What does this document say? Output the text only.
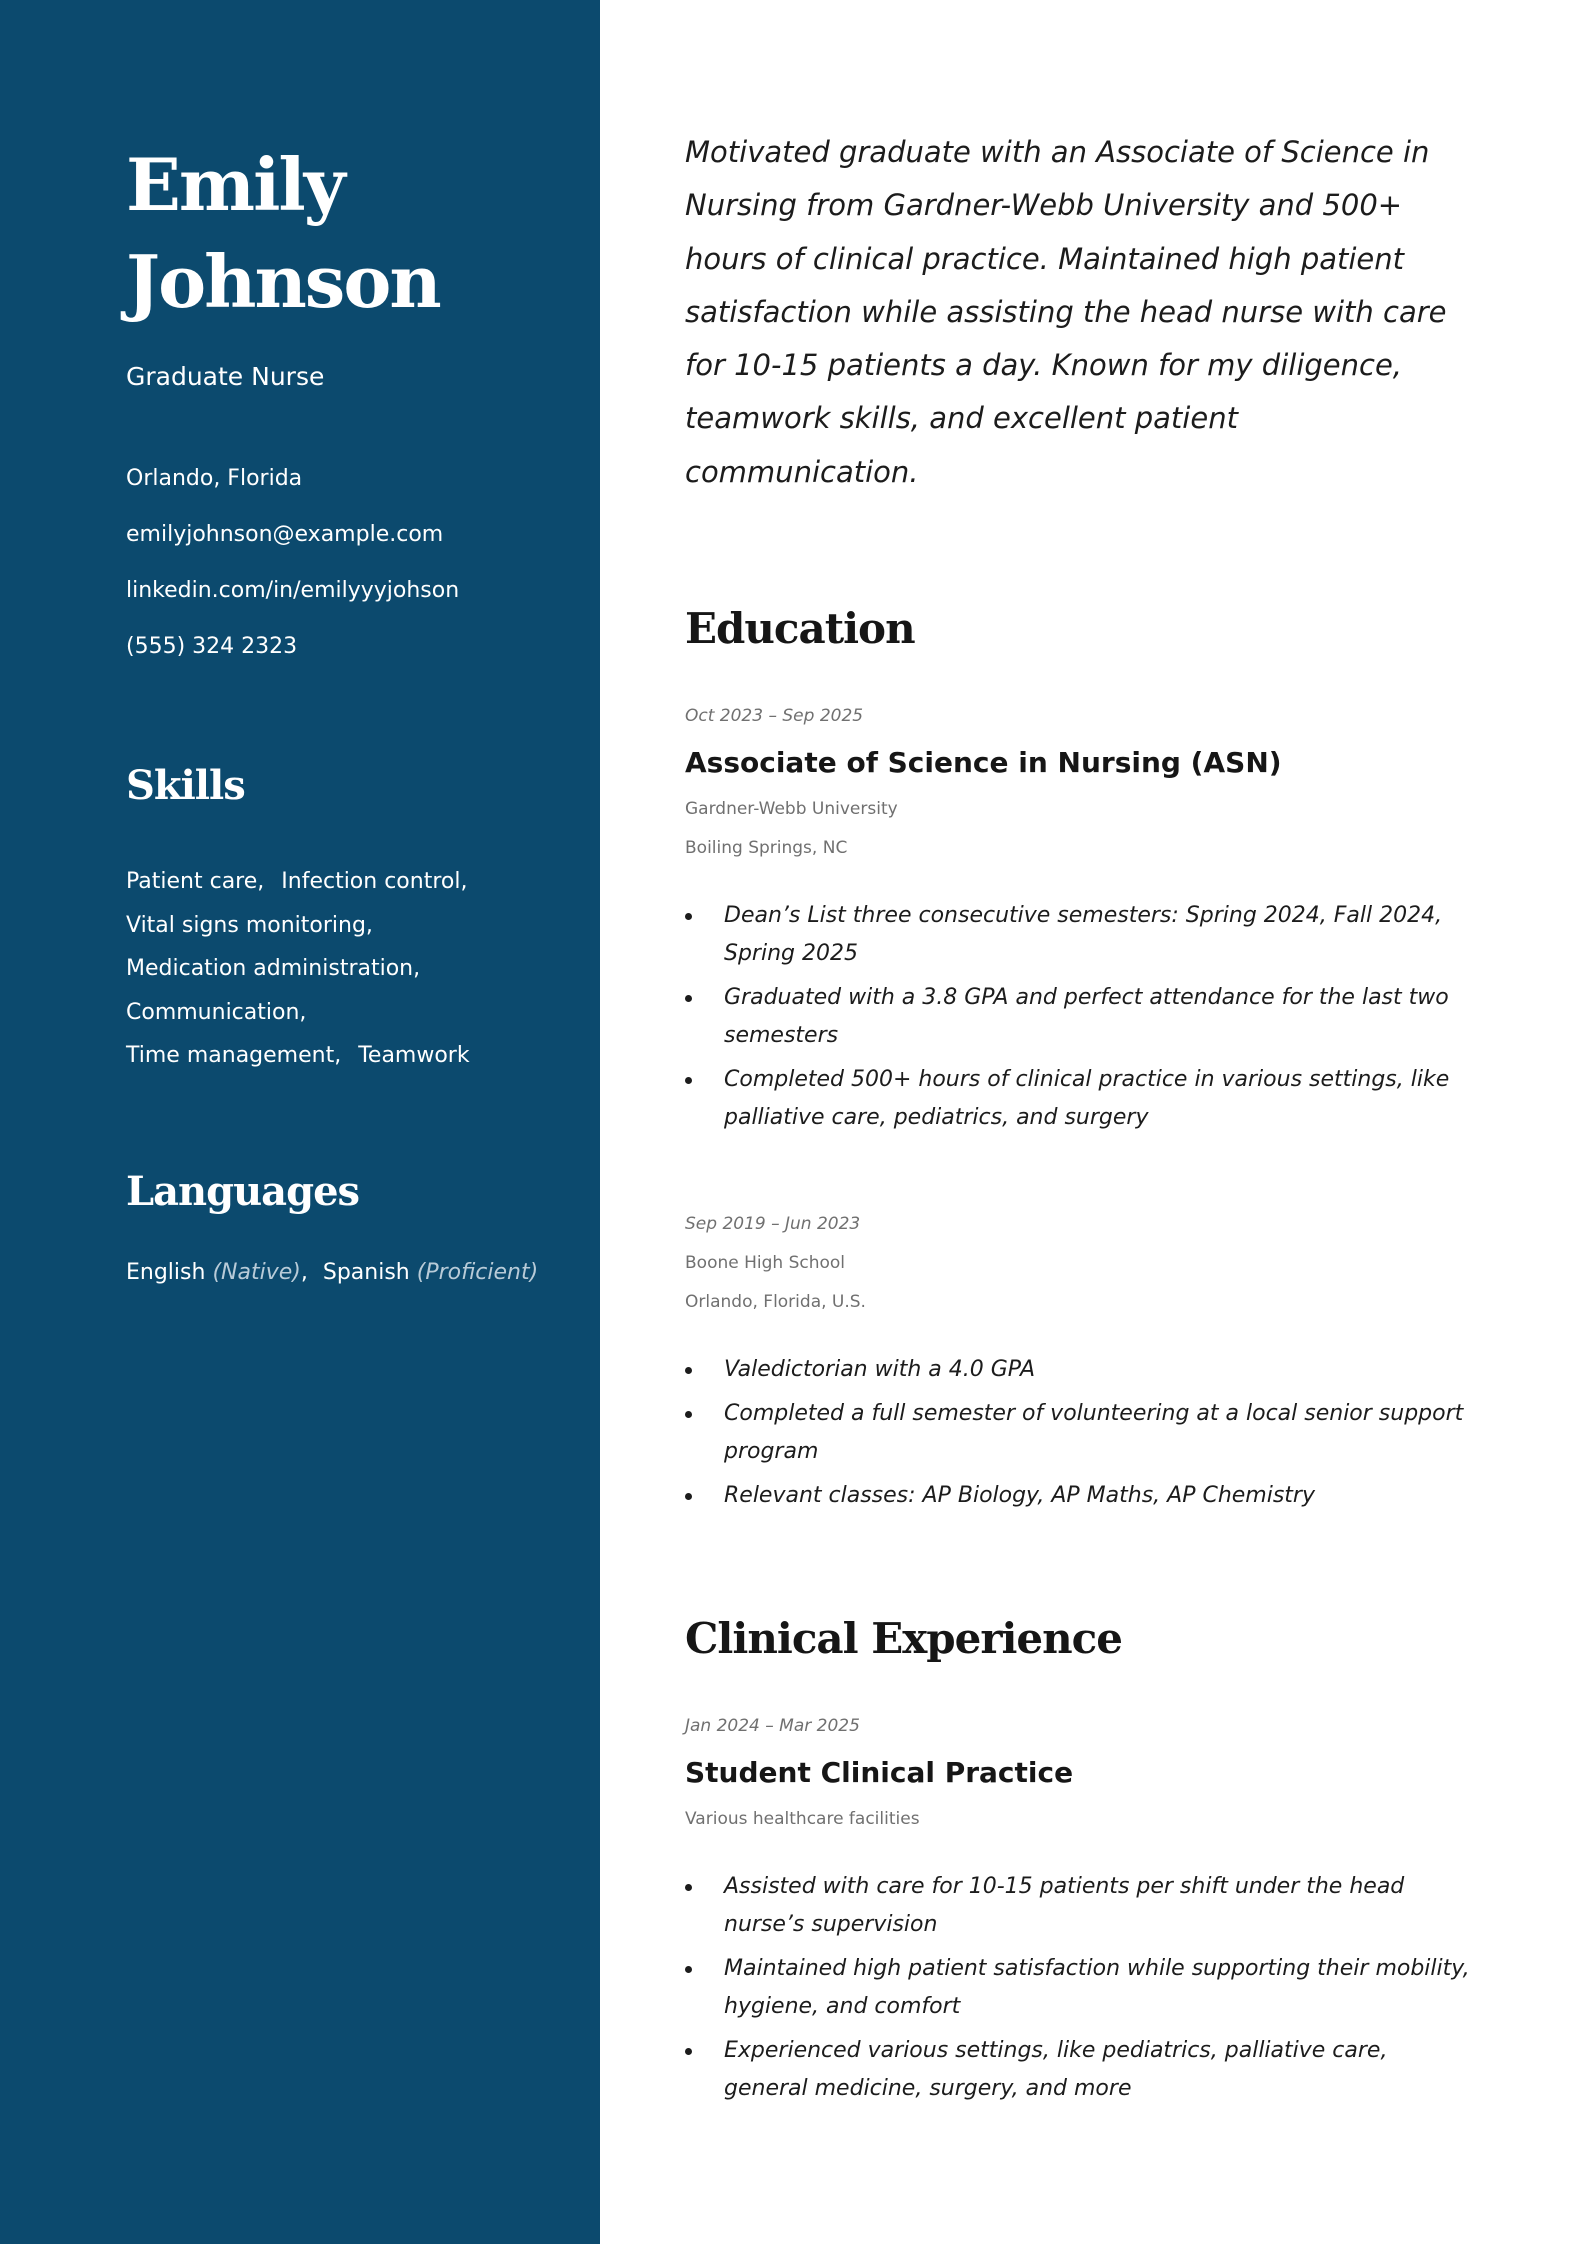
Emily
Johnson
Graduate Nurse
Orlando, Florida
emilyjohnson@example.com
linkedin.com/in/emilyyyjohson
(555) 324 2323
Skills
Patient care, Infection control, Vital signs monitoring, Medication administration, Communication, Time management, Teamwork
Languages
English (Native), Spanish (Proficient)

Motivated graduate with an Associate of Science in Nursing from Gardner-Webb University and 500+ hours of clinical practice. Maintained high patient satisfaction while assisting the head nurse with care for 10-15 patients a day. Known for my diligence, teamwork skills, and excellent patient communication.

Education
Oct 2023 – Sep 2025
Associate of Science in Nursing (ASN)
Gardner-Webb University
Boiling Springs, NC
Dean’s List three consecutive semesters: Spring 2024, Fall 2024, Spring 2025
Graduated with a 3.8 GPA and perfect attendance for the last two semesters
Completed 500+ hours of clinical practice in various settings, like palliative care, pediatrics, and surgery
Sep 2019 – Jun 2023
Boone High School
Orlando, Florida, U.S.
Valedictorian with a 4.0 GPA
Completed a full semester of volunteering at a local senior support program
Relevant classes: AP Biology, AP Maths, AP Chemistry
Clinical Experience
Jan 2024 – Mar 2025
Student Clinical Practice
Various healthcare facilities
Assisted with care for 10-15 patients per shift under the head nurse’s supervision
Maintained high patient satisfaction while supporting their mobility, hygiene, and comfort
Experienced various settings, like pediatrics, palliative care, general medicine, surgery, and more
